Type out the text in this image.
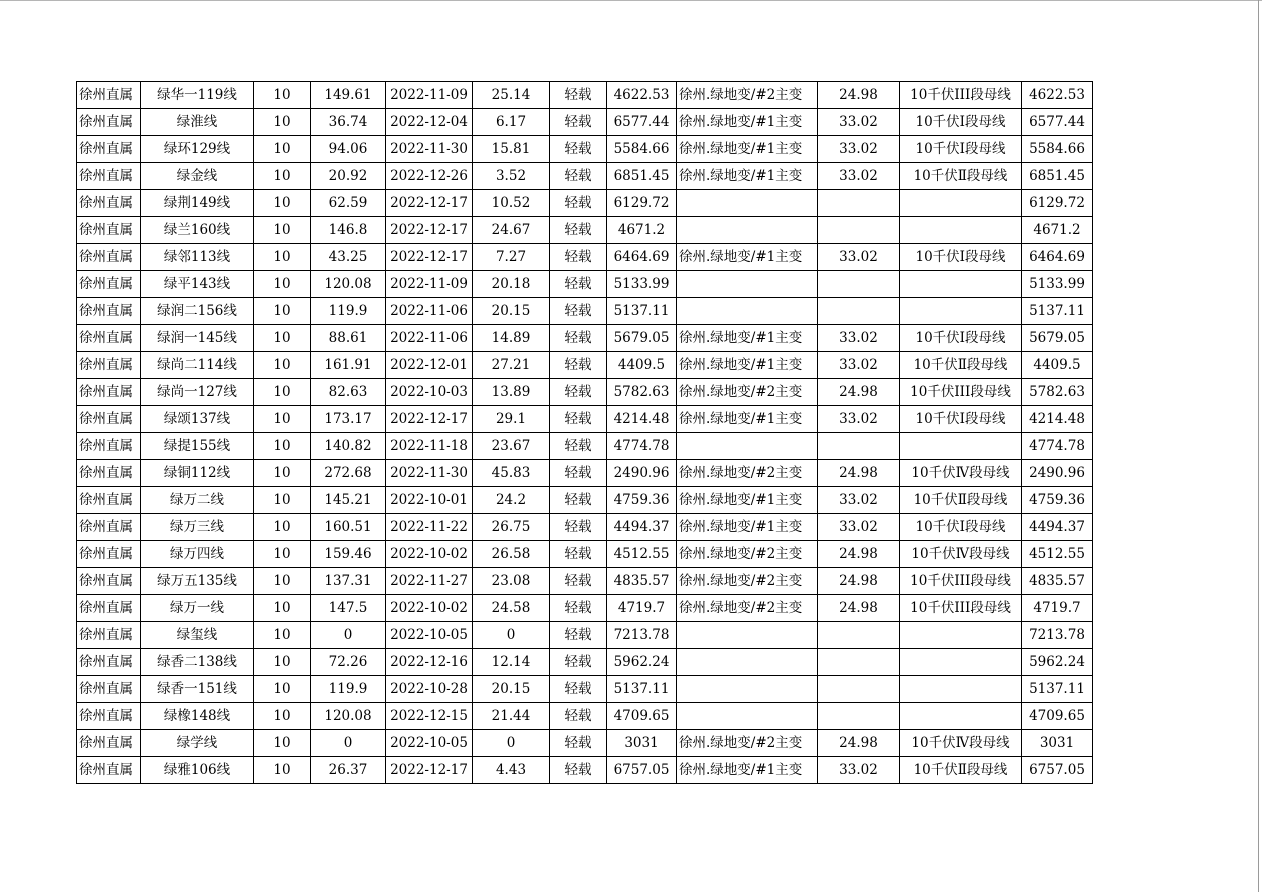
徐州直属	绿华一119线	10	149.61	2022-11-09	25.14	轻载	4622.53	徐州.绿地变/#2主变	24.98	10千伏III段母线	4622.53
徐州直属	绿淮线	10	36.74	2022-12-04	6.17	轻载	6577.44	徐州.绿地变/#1主变	33.02	10千伏Ⅰ段母线	6577.44
徐州直属	绿环129线	10	94.06	2022-11-30	15.81	轻载	5584.66	徐州.绿地变/#1主变	33.02	10千伏Ⅰ段母线	5584.66
徐州直属	绿金线	10	20.92	2022-12-26	3.52	轻载	6851.45	徐州.绿地变/#1主变	33.02	10千伏Ⅱ段母线	6851.45
徐州直属	绿荆149线	10	62.59	2022-12-17	10.52	轻载	6129.72				6129.72
徐州直属	绿兰160线	10	146.8	2022-12-17	24.67	轻载	4671.2				4671.2
徐州直属	绿邻113线	10	43.25	2022-12-17	7.27	轻载	6464.69	徐州.绿地变/#1主变	33.02	10千伏Ⅰ段母线	6464.69
徐州直属	绿平143线	10	120.08	2022-11-09	20.18	轻载	5133.99				5133.99
徐州直属	绿润二156线	10	119.9	2022-11-06	20.15	轻载	5137.11				5137.11
徐州直属	绿润一145线	10	88.61	2022-11-06	14.89	轻载	5679.05	徐州.绿地变/#1主变	33.02	10千伏Ⅰ段母线	5679.05
徐州直属	绿尚二114线	10	161.91	2022-12-01	27.21	轻载	4409.5	徐州.绿地变/#1主变	33.02	10千伏Ⅱ段母线	4409.5
徐州直属	绿尚一127线	10	82.63	2022-10-03	13.89	轻载	5782.63	徐州.绿地变/#2主变	24.98	10千伏III段母线	5782.63
徐州直属	绿颂137线	10	173.17	2022-12-17	29.1	轻载	4214.48	徐州.绿地变/#1主变	33.02	10千伏Ⅰ段母线	4214.48
徐州直属	绿提155线	10	140.82	2022-11-18	23.67	轻载	4774.78				4774.78
徐州直属	绿铜112线	10	272.68	2022-11-30	45.83	轻载	2490.96	徐州.绿地变/#2主变	24.98	10千伏Ⅳ段母线	2490.96
徐州直属	绿万二线	10	145.21	2022-10-01	24.2	轻载	4759.36	徐州.绿地变/#1主变	33.02	10千伏Ⅱ段母线	4759.36
徐州直属	绿万三线	10	160.51	2022-11-22	26.75	轻载	4494.37	徐州.绿地变/#1主变	33.02	10千伏Ⅰ段母线	4494.37
徐州直属	绿万四线	10	159.46	2022-10-02	26.58	轻载	4512.55	徐州.绿地变/#2主变	24.98	10千伏Ⅳ段母线	4512.55
徐州直属	绿万五135线	10	137.31	2022-11-27	23.08	轻载	4835.57	徐州.绿地变/#2主变	24.98	10千伏III段母线	4835.57
徐州直属	绿万一线	10	147.5	2022-10-02	24.58	轻载	4719.7	徐州.绿地变/#2主变	24.98	10千伏III段母线	4719.7
徐州直属	绿玺线	10	0	2022-10-05	0	轻载	7213.78				7213.78
徐州直属	绿香二138线	10	72.26	2022-12-16	12.14	轻载	5962.24				5962.24
徐州直属	绿香一151线	10	119.9	2022-10-28	20.15	轻载	5137.11				5137.11
徐州直属	绿橡148线	10	120.08	2022-12-15	21.44	轻载	4709.65				4709.65
徐州直属	绿学线	10	0	2022-10-05	0	轻载	3031	徐州.绿地变/#2主变	24.98	10千伏Ⅳ段母线	3031
徐州直属	绿雅106线	10	26.37	2022-12-17	4.43	轻载	6757.05	徐州.绿地变/#1主变	33.02	10千伏Ⅱ段母线	6757.05
